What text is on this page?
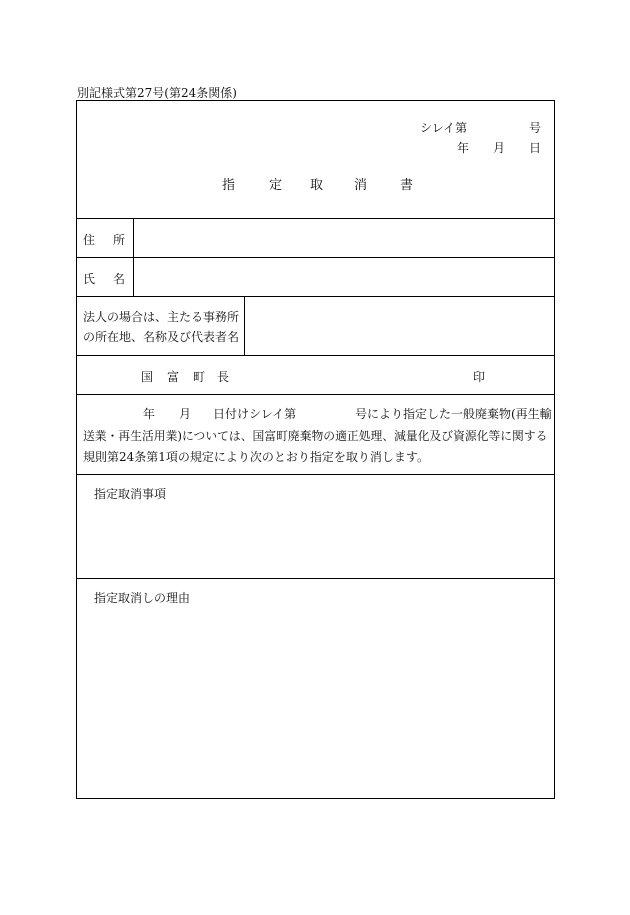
別記様式第27号(第24条関係)
シレイ第	号
年 月 日
指	定 取 消	書
住 所
氏 名
法人の場合は、主たる事務所
の所在地、名称及び代表者名
国 富 町 長	印
年 月 日付けシレイ第	号により指定した一般廃棄物(再生輸
送業・再生活用業)については、国富町廃棄物の適正処理、減量化及び資源化等に関する
規則第24条第1項の規定により次のとおり指定を取り消します。
指定取消事項
指定取消しの理由
